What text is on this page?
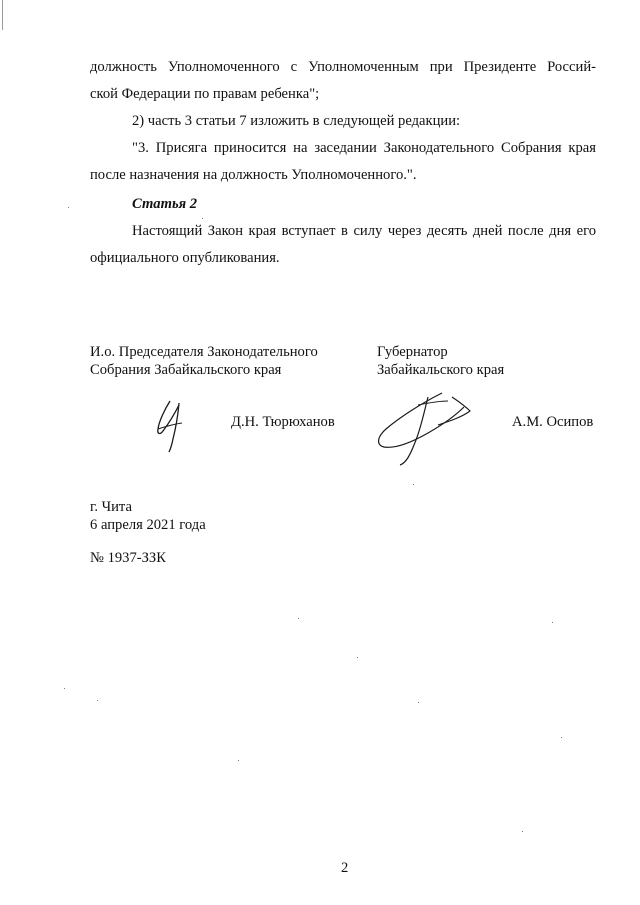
должность Уполномоченного с Уполномоченным при Президенте Россий-
ской Федерации по правам ребенка";
2) часть 3 статьи 7 изложить в следующей редакции:
"3. Присяга приносится на заседании Законодательного Собрания края
после назначения на должность Уполномоченного.".
Статья 2
Настоящий Закон края вступает в силу через десять дней после дня его
официального опубликования.
И.о. Председателя Законодательного
Собрания Забайкальского края
Д.Н. Тюрюханов
Губернатор
Забайкальского края
А.М. Осипов
г. Чита
6 апреля 2021 года
№ 1937-ЗЗК
2
